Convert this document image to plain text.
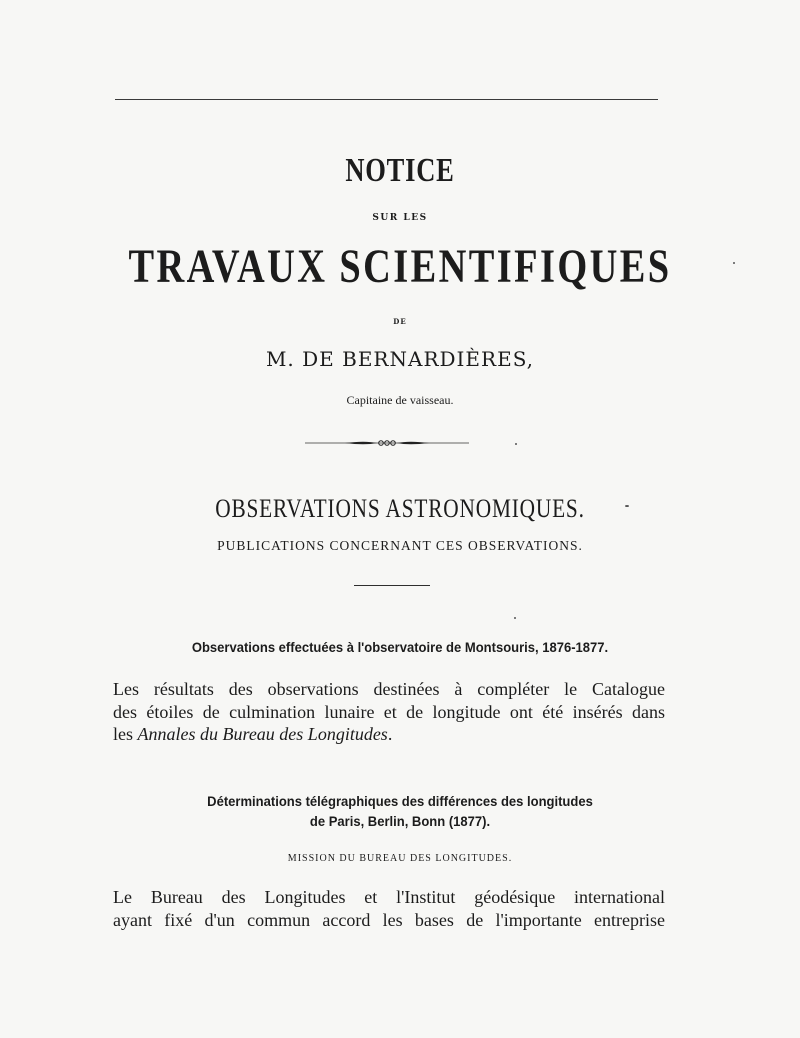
NOTICE
SUR LES
TRAVAUX SCIENTIFIQUES
DE
M. DE BERNARDIÈRES,
Capitaine de vaisseau.
OBSERVATIONS ASTRONOMIQUES.
PUBLICATIONS CONCERNANT CES OBSERVATIONS.
Observations effectuées à l'observatoire de Montsouris, 1876-1877.
Les résultats des observations destinées à compléter le Catalogue
des étoiles de culmination lunaire et de longitude ont été insérés dans
les Annales du Bureau des Longitudes.
Déterminations télégraphiques des différences des longitudes
de Paris, Berlin, Bonn (1877).
MISSION DU BUREAU DES LONGITUDES.
Le Bureau des Longitudes et l'Institut géodésique international
ayant fixé d'un commun accord les bases de l'importante entreprise
